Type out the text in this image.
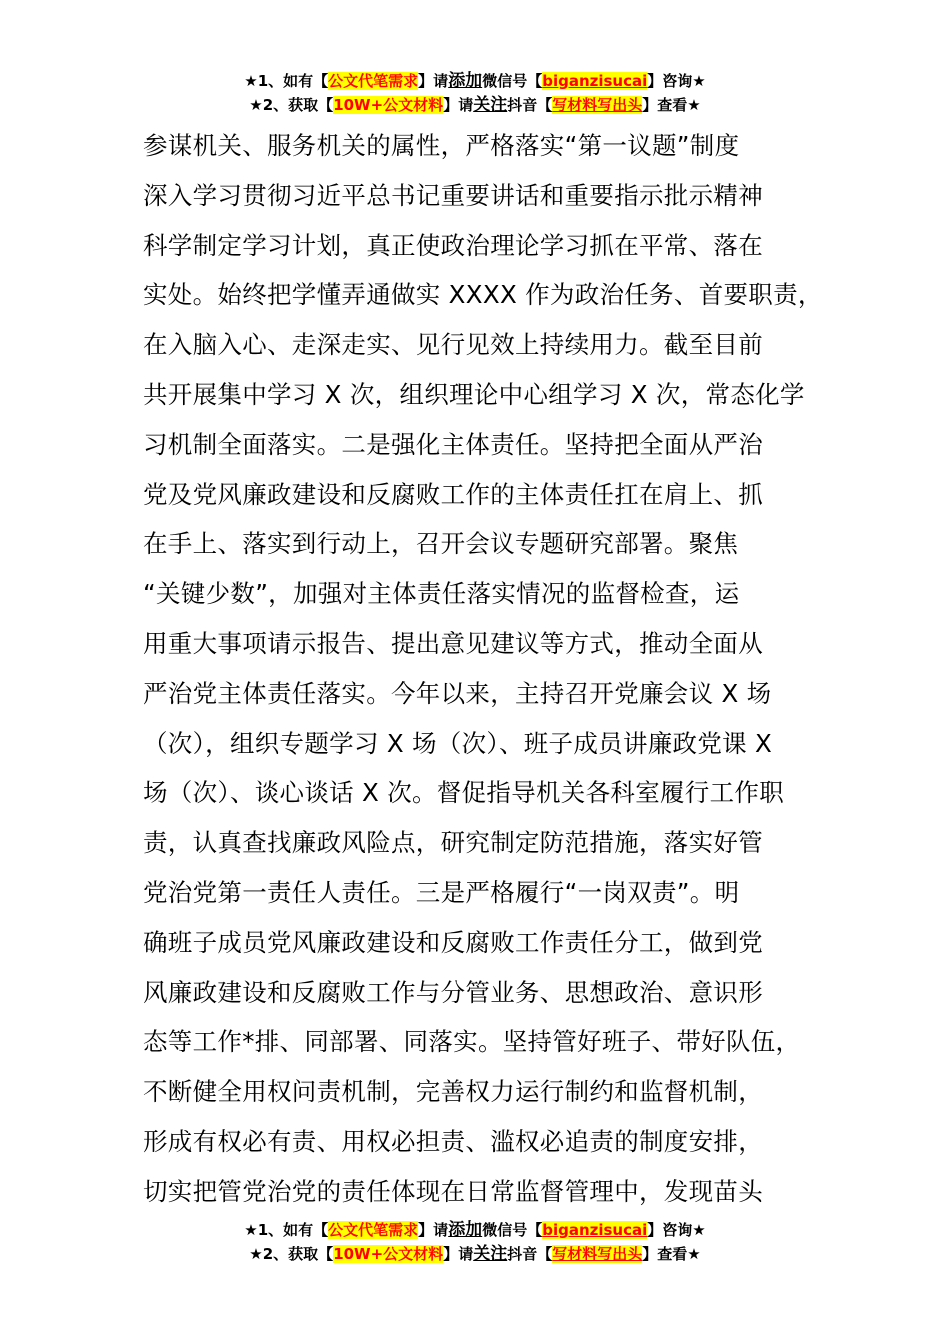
★1、如有【公文代笔需求】请添加微信号【biganzisucai】咨询★
★2、获取【10W+公文材料】请关注抖音【写材料写出头】查看★
参谋机关、服务机关的属性，严格落实“第一议题”制度
深入学习贯彻习近平总书记重要讲话和重要指示批示精神
科学制定学习计划，真正使政治理论学习抓在平常、落在
实处。始终把学懂弄通做实 XXXX 作为政治任务、首要职责，
在入脑入心、走深走实、见行见效上持续用力。截至目前
共开展集中学习 X 次，组织理论中心组学习 X 次，常态化学
习机制全面落实。二是强化主体责任。坚持把全面从严治
党及党风廉政建设和反腐败工作的主体责任扛在肩上、抓
在手上、落实到行动上，召开会议专题研究部署。聚焦
“关键少数”，加强对主体责任落实情况的监督检查，运
用重大事项请示报告、提出意见建议等方式，推动全面从
严治党主体责任落实。今年以来，主持召开党廉会议 X 场
（次），组织专题学习 X 场（次）、班子成员讲廉政党课 X
场（次）、谈心谈话 X 次。督促指导机关各科室履行工作职
责，认真查找廉政风险点，研究制定防范措施，落实好管
党治党第一责任人责任。三是严格履行“一岗双责”。明
确班子成员党风廉政建设和反腐败工作责任分工，做到党
风廉政建设和反腐败工作与分管业务、思想政治、意识形
态等工作*排、同部署、同落实。坚持管好班子、带好队伍，
不断健全用权问责机制，完善权力运行制约和监督机制，
形成有权必有责、用权必担责、滥权必追责的制度安排，
切实把管党治党的责任体现在日常监督管理中，发现苗头
★1、如有【公文代笔需求】请添加微信号【biganzisucai】咨询★
★2、获取【10W+公文材料】请关注抖音【写材料写出头】查看★
